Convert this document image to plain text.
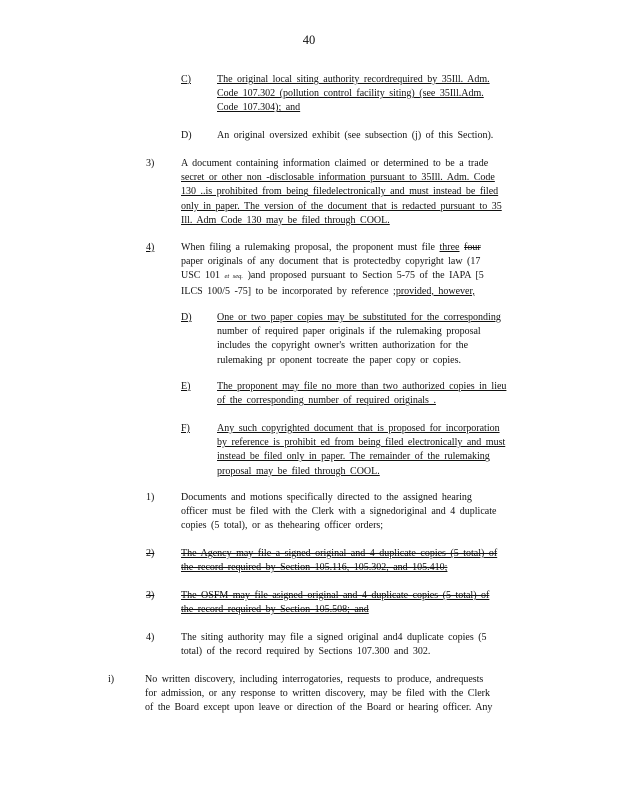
40
C)	The original local siting authority recordrequired by 35Ill. Adm.
Code 107.302 (pollution control facility siting) (see 35Ill.Adm.
Code 107.304); and
D)	An original oversized exhibit (see subsection (j) of this Section).
3)	A document containing information claimed or determined to be a trade
secret or other non -disclosable information pursuant to 35Ill. Adm. Code
130 ..is prohibited from being filedelectronically and must instead be filed
only in paper. The version of the document that is redacted pursuant to 35
Ill. Adm Code 130 may be filed through COOL.
4)	When filing a rulemaking proposal, the proponent must file three four
paper originals of any document that is protectedby copyright law (17
USC 101 et seq. )and proposed pursuant to Section 5-75 of the IAPA [5
ILCS 100/5 -75] to be incorporated by reference ;provided, however,
D)	One or two paper copies may be substituted for the corresponding
number of required paper originals if the rulemaking proposal
includes the copyright owner's written authorization for the
rulemaking pr oponent tocreate the paper copy or copies.
E)	The proponent may file no more than two authorized copies in lieu
of the corresponding number of required originals .
F)	Any such copyrighted document that is proposed for incorporation
by reference is prohibit ed from being filed electronically and must
instead be filed only in paper. The remainder of the rulemaking
proposal may be filed through COOL.
1)	Documents and motions specifically directed to the assigned hearing
officer must be filed with the Clerk with a signedoriginal and 4 duplicate
copies (5 total), or as thehearing officer orders;
2)	The Agency may file a signed original and 4 duplicate copies (5 total) of
the record required by Section 105.116, 105.302, and 105.410;
3)	The OSFM may file asigned original and 4 duplicate copies (5 total) of
the record required by Section 105.508; and
4)	The siting authority may file a signed original and4 duplicate copies (5
total) of the record required by Sections 107.300 and 302.
i)	No written discovery, including interrogatories, requests to produce, andrequests
for admission, or any response to written discovery, may be filed with the Clerk
of the Board except upon leave or direction of the Board or hearing officer. Any
